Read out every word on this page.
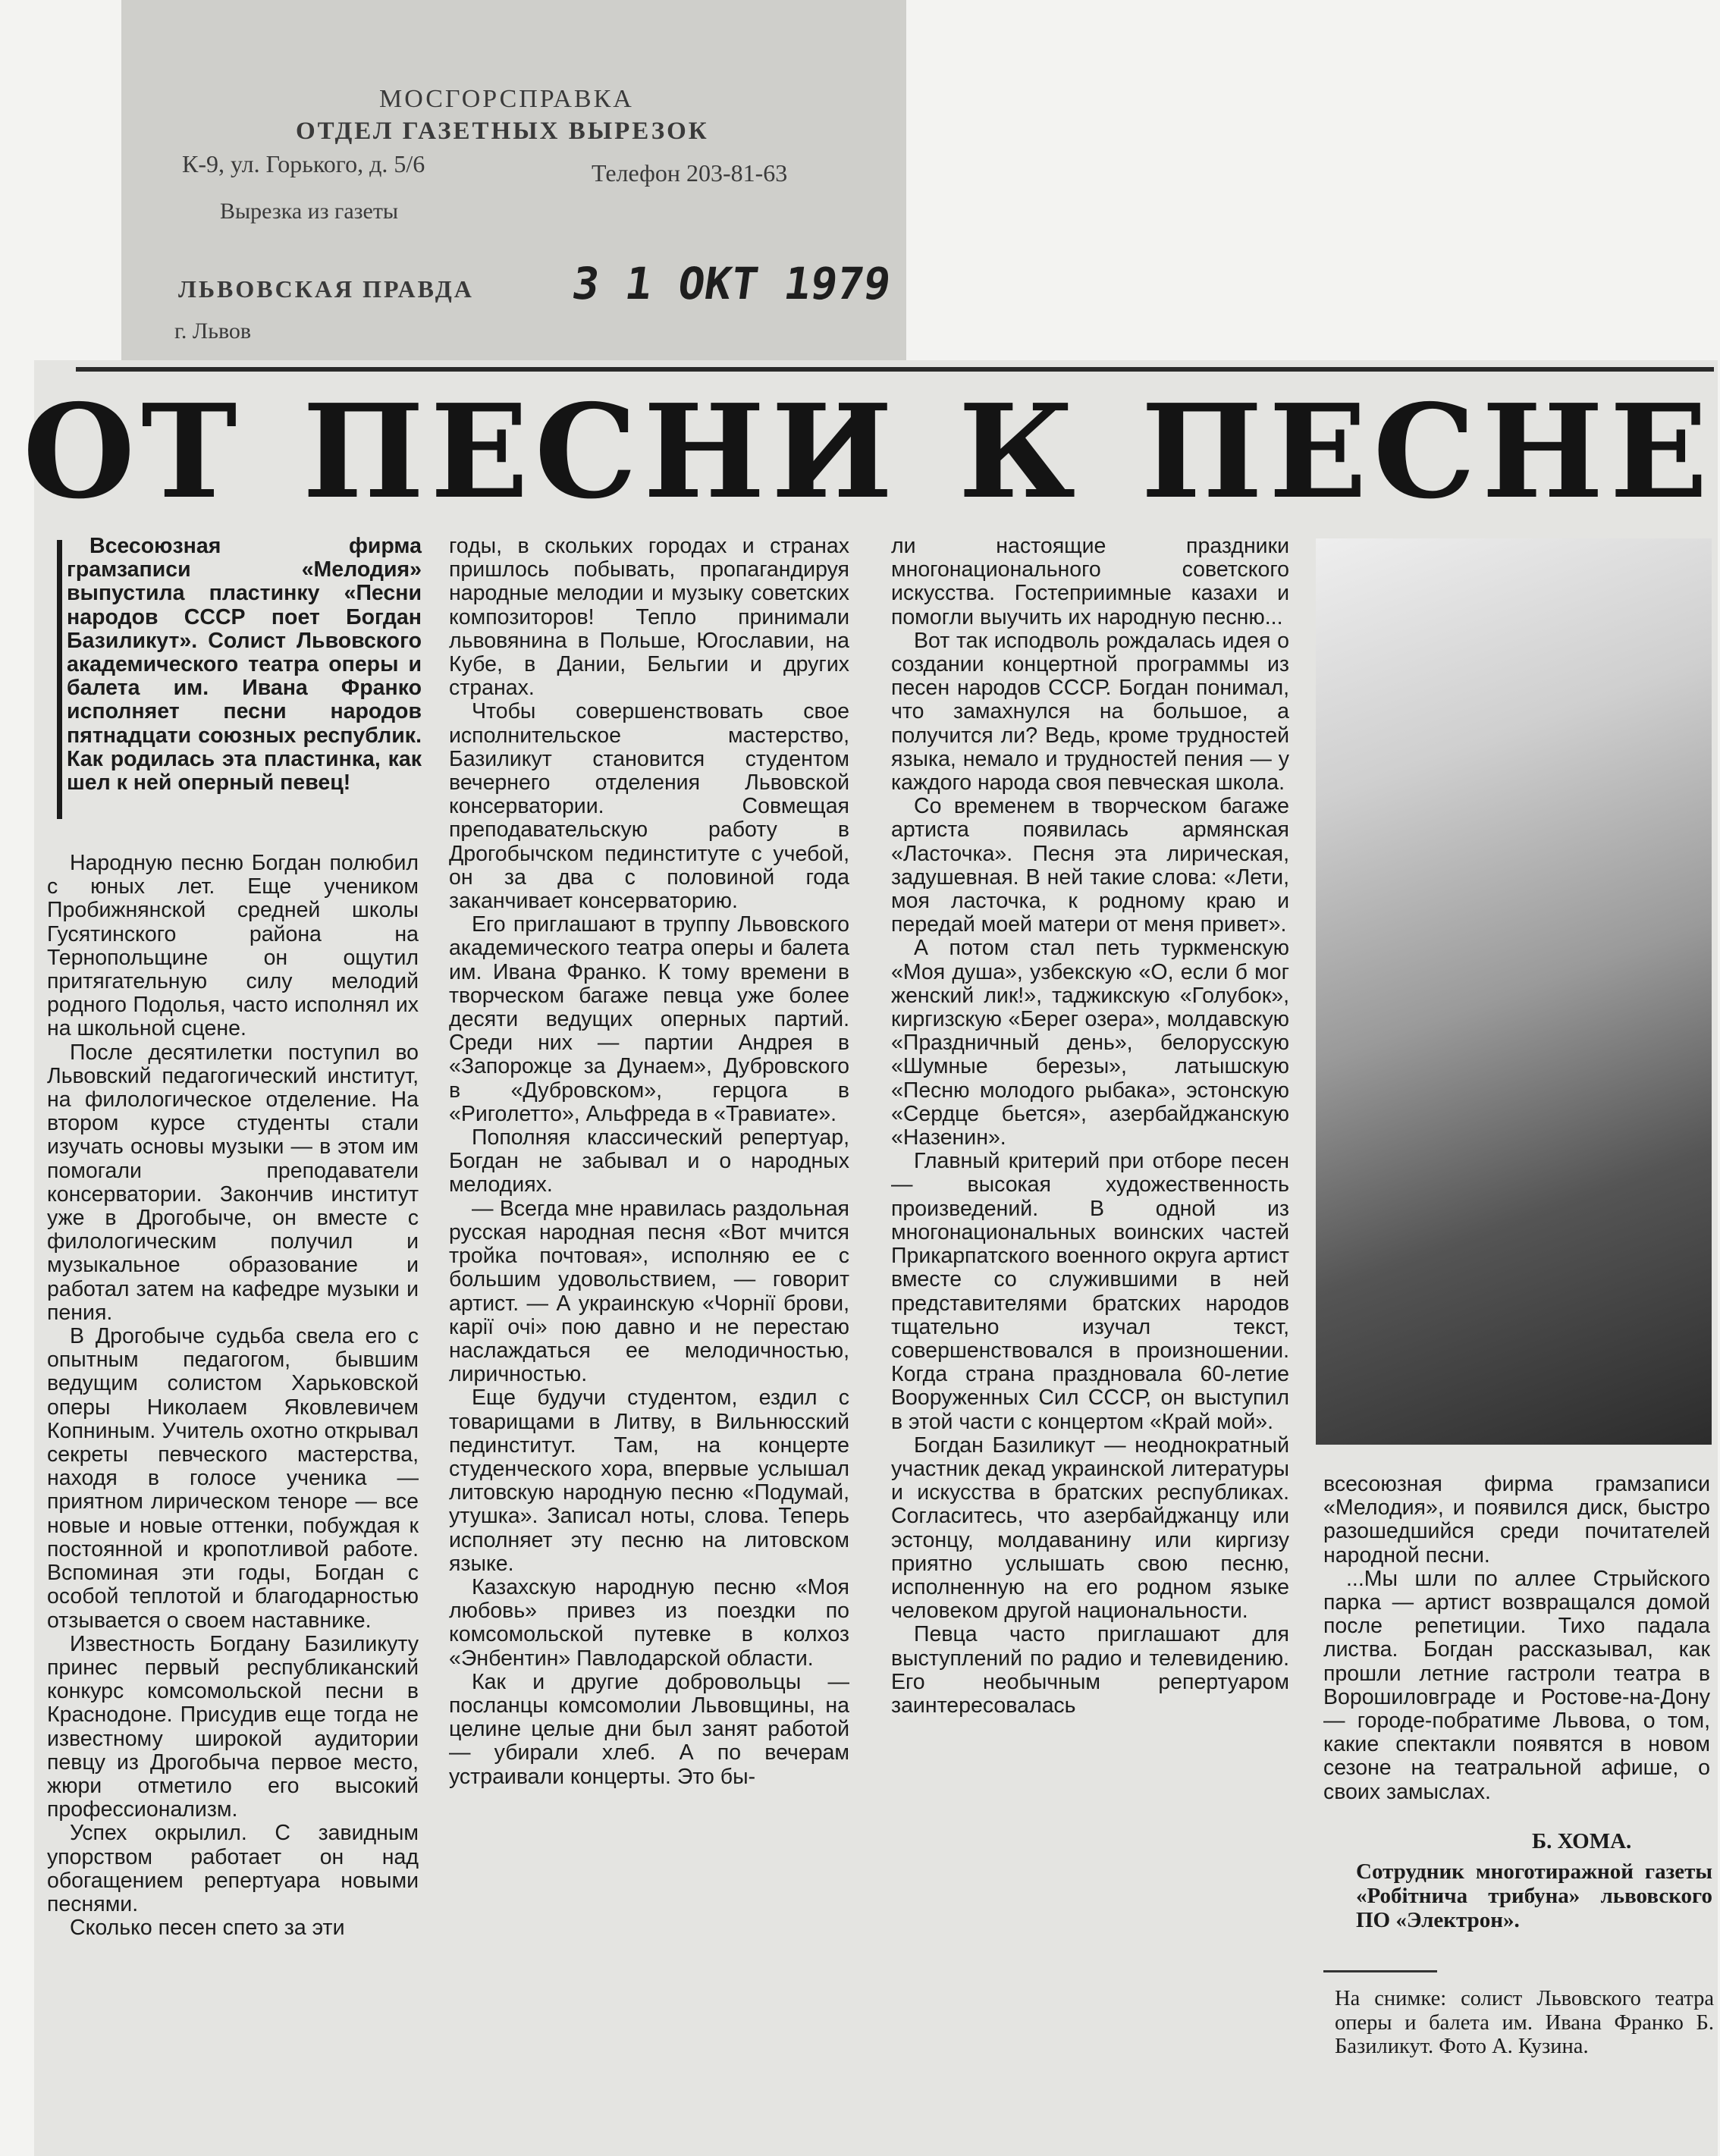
МОСГОРСПРАВКА
ОТДЕЛ ГАЗЕТНЫХ ВЫРЕЗОК
К-9, ул. Горького, д. 5/6	Телефон 203-81-63
Вырезка из газеты
ЛЬВОВСКАЯ ПРАВДА 3 1 ОКТ 1979
г. Львов
ОТ ПЕСНИ К ПЕСНЕ

Всесоюзная фирма грамзаписи «Мелодия» выпустила пластинку «Песни народов СССР поет Богдан Базиликут». Солист Львовского академического театра оперы и балета им. Ивана Франко исполняет песни народов пятнадцати союзных республик. Как родилась эта пластинка, как шел к ней оперный певец!

Народную песню Богдан полюбил с юных лет. Еще учеником Пробижнянской средней школы Гусятинского района на Тернопольщине он ощутил притягательную силу мелодий родного Подолья, часто исполнял их на школьной сцене.

После десятилетки поступил во Львовский педагогический институт, на филологическое отделение. На втором курсе студенты стали изучать основы музыки — в этом им помогали преподаватели консерватории. Закончив институт уже в Дрогобыче, он вместе с филологическим получил и музыкальное образование и работал затем на кафедре музыки и пения.

В Дрогобыче судьба свела его с опытным педагогом, бывшим ведущим солистом Харьковской оперы Николаем Яковлевичем Копниным. Учитель охотно открывал секреты певческого мастерства, находя в голосе ученика — приятном лирическом теноре — все новые и новые оттенки, побуждая к постоянной и кропотливой работе. Вспоминая эти годы, Богдан с особой теплотой и благодарностью отзывается о своем наставнике.

Известность Богдану Базиликуту принес первый республиканский конкурс комсомольской песни в Краснодоне. Присудив еще тогда не известному широкой аудитории певцу из Дрогобыча первое место, жюри отметило его высокий профессионализм.

Успех окрылил. С завидным упорством работает он над обогащением репертуара новыми песнями.

Сколько песен спето за эти

годы, в скольких городах и странах пришлось побывать, пропагандируя народные мелодии и музыку советских композиторов! Тепло принимали львовянина в Польше, Югославии, на Кубе, в Дании, Бельгии и других странах.

Чтобы совершенствовать свое исполнительское мастерство, Базиликут становится студентом вечернего отделения Львовской консерватории. Совмещая преподавательскую работу в Дрогобычском пединституте с учебой, он за два с половиной года заканчивает консерваторию.

Его приглашают в труппу Львовского академического театра оперы и балета им. Ивана Франко. К тому времени в творческом багаже певца уже более десяти ведущих оперных партий. Среди них — партии Андрея в «Запорожце за Дунаем», Дубровского в «Дубровском», герцога в «Риголетто», Альфреда в «Травиате».

Пополняя классический репертуар, Богдан не забывал и о народных мелодиях.

— Всегда мне нравилась раздольная русская народная песня «Вот мчится тройка почтовая», исполняю ее с большим удовольствием, — говорит артист. — А украинскую «Чорнії брови, карії очі» пою давно и не перестаю наслаждаться ее мелодичностью, лиричностью.

Еще будучи студентом, ездил с товарищами в Литву, в Вильнюсский пединститут. Там, на концерте студенческого хора, впервые услышал литовскую народную песню «Подумай, утушка». Записал ноты, слова. Теперь исполняет эту песню на литовском языке.

Казахскую народную песню «Моя любовь» привез из поездки по комсомольской путевке в колхоз «Энбентин» Павлодарской области.

Как и другие добровольцы — посланцы комсомолии Львовщины, на целине целые дни был занят работой — убирали хлеб. А по вечерам устраивали концерты. Это бы-

ли настоящие праздники многонационального советского искусства. Гостеприимные казахи и помогли выучить их народную песню...

Вот так исподволь рождалась идея о создании концертной программы из песен народов СССР. Богдан понимал, что замахнулся на большое, а получится ли? Ведь, кроме трудностей языка, немало и трудностей пения — у каждого народа своя певческая школа.

Со временем в творческом багаже артиста появилась армянская «Ласточка». Песня эта лирическая, задушевная. В ней такие слова: «Лети, моя ласточка, к родному краю и передай моей матери от меня привет».

А потом стал петь туркменскую «Моя душа», узбекскую «О, если б мог женский лик!», таджикскую «Голубок», киргизскую «Берег озера», молдавскую «Праздничный день», белорусскую «Шумные березы», латышскую «Песню молодого рыбака», эстонскую «Сердце бьется», азербайджанскую «Назенин».

Главный критерий при отборе песен — высокая художественность произведений. В одной из многонациональных воинских частей Прикарпатского военного округа артист вместе со служившими в ней представителями братских народов тщательно изучал текст, совершенствовался в произношении. Когда страна праздновала 60-летие Вооруженных Сил СССР, он выступил в этой части с концертом «Край мой».

Богдан Базиликут — неоднократный участник декад украинской литературы и искусства в братских республиках. Согласитесь, что азербайджанцу или эстонцу, молдаванину или киргизу приятно услышать свою песню, исполненную на его родном языке человеком другой национальности.

Певца часто приглашают для выступлений по радио и телевидению. Его необычным репертуаром заинтересовалась

всесоюзная фирма грамзаписи «Мелодия», и появился диск, быстро разошедшийся среди почитателей народной песни.

...Мы шли по аллее Стрыйского парка — артист возвращался домой после репетиции. Тихо падала листва. Богдан рассказывал, как прошли летние гастроли театра в Ворошиловграде и Ростове-на-Дону — городе-побратиме Львова, о том, какие спектакли появятся в новом сезоне на театральной афише, о своих замыслах.

Б. ХОМА.
Сотрудник многотиражной газеты «Робітнича трибуна» львовского ПО «Электрон».
На снимке: солист Львовского театра оперы и балета им. Ивана Франко Б. Базиликут. Фото А. Кузина.
